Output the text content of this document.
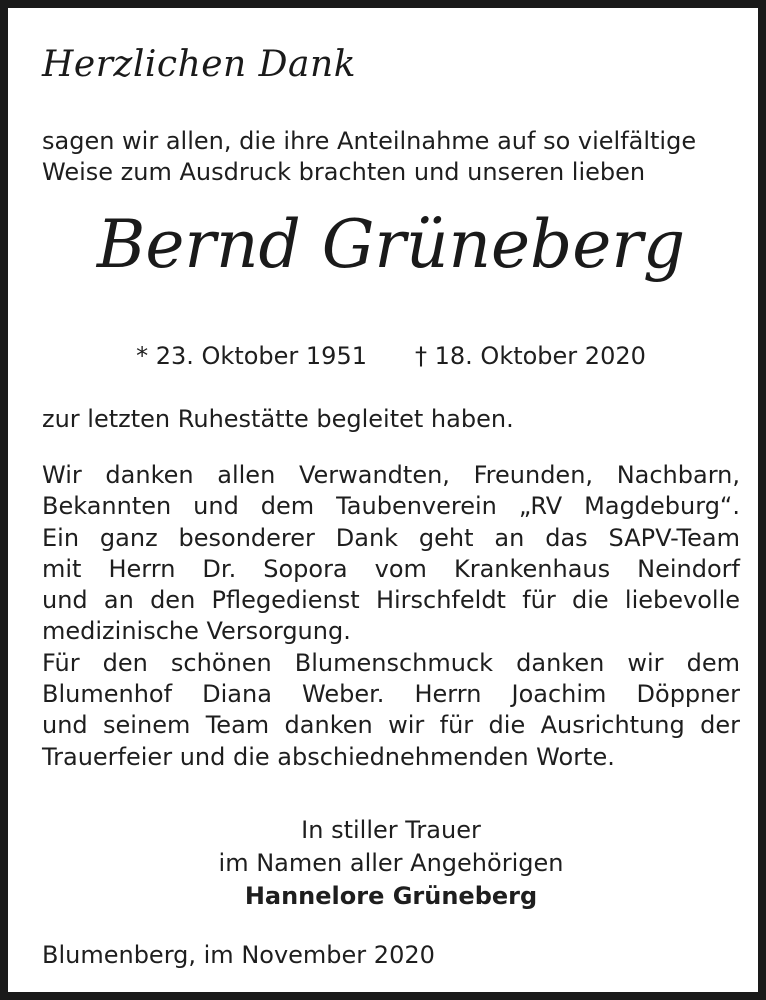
Herzlichen Dank

sagen wir allen, die ihre Anteilnahme auf so vielfältige
Weise zum Ausdruck brachten und unseren lieben

Bernd Grüneberg
* 23. Oktober 1951 † 18. Oktober 2020

zur letzten Ruhestätte begleitet haben.

Wir danken allen Verwandten, Freunden, Nachbarn,
Bekannten und dem Taubenverein „RV Magdeburg“.
Ein ganz besonderer Dank geht an das SAPV-Team
mit Herrn Dr. Sopora vom Krankenhaus Neindorf
und an den Pflegedienst Hirschfeldt für die liebevolle
medizinische Versorgung.
Für den schönen Blumenschmuck danken wir dem
Blumenhof Diana Weber. Herrn Joachim Döppner
und seinem Team danken wir für die Ausrichtung der
Trauerfeier und die abschiednehmenden Worte.

In stiller Trauer
im Namen aller Angehörigen
Hannelore Grüneberg
Blumenberg, im November 2020
